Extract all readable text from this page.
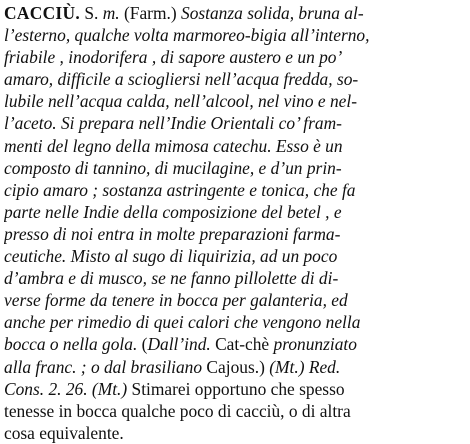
CACCIÙ. S. m. (Farm.) Sostanza solida, bruna al-
l’esterno, qualche volta marmoreo-bigia all’interno,
friabile , inodorifera , di sapore austero e un po’
amaro, difficile a sciogliersi nell’acqua fredda, so-
lubile nell’acqua calda, nell’alcool, nel vino e nel-
l’aceto. Si prepara nell’Indie Orientali co’ fram-
menti del legno della mimosa catechu. Esso è un
composto di tannino, di mucilagine, e d’un prin-
cipio amaro ; sostanza astringente e tonica, che fa
parte nelle Indie della composizione del betel , e
presso di noi entra in molte preparazioni farma-
ceutiche. Misto al sugo di liquirizia, ad un poco
d’ambra e di musco, se ne fanno pillolette di di-
verse forme da tenere in bocca per galanteria, ed
anche per rimedio di quei calori che vengono nella
bocca o nella gola. (Dall’ind. Cat-chè pronunziato
alla franc. ; o dal brasiliano Cajous.) (Mt.) Red.
Cons. 2. 26. (Mt.) Stimarei opportuno che spesso
tenesse in bocca qualche poco di cacciù, o di altra
cosa equivalente.
